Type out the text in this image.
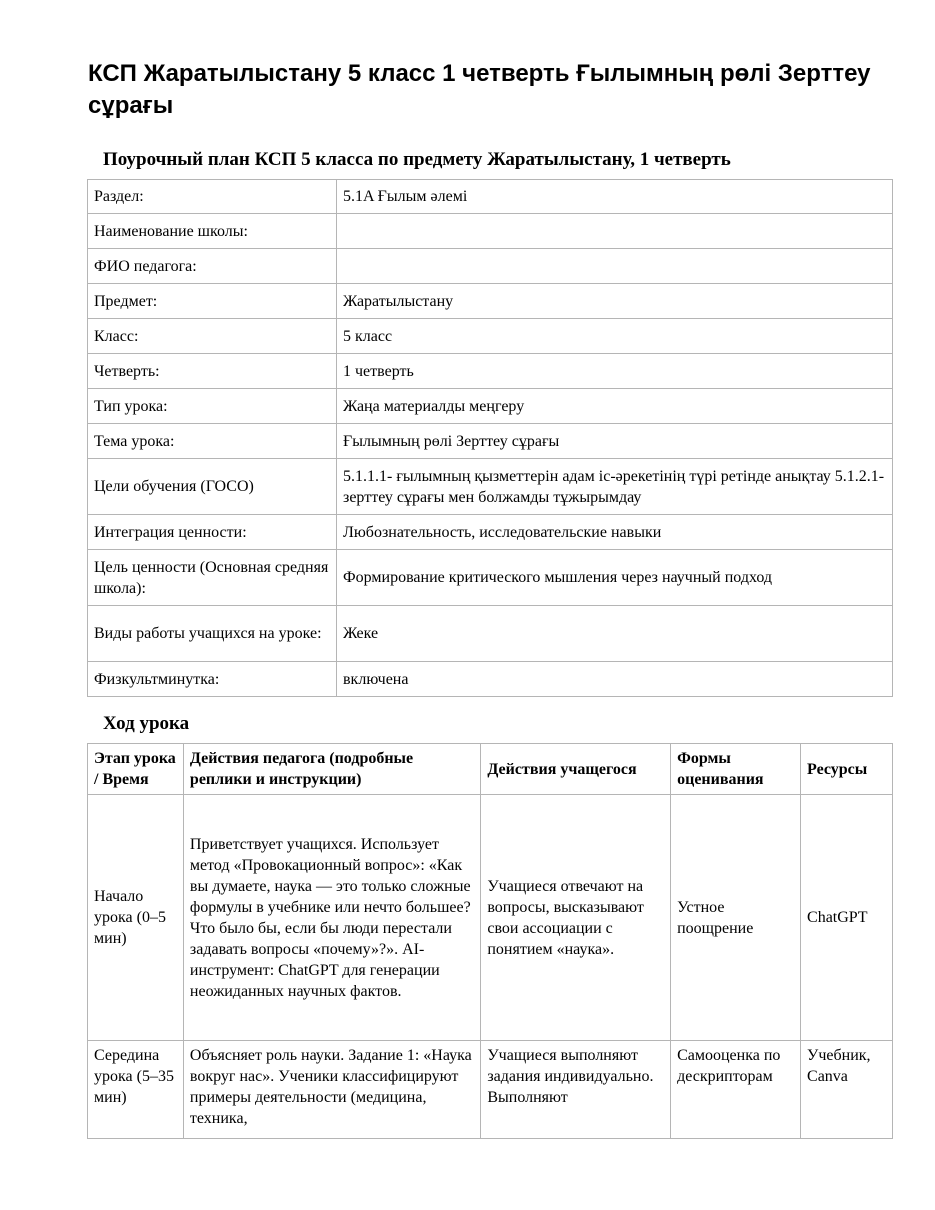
КСП Жаратылыстану 5 класс 1 четверть Ғылымның рөлі Зерттеу сұрағы
Поурочный план КСП 5 класса по предмету Жаратылыстану, 1 четверть
Раздел:	5.1A Ғылым әлемі
Наименование школы:	
ФИО педагога:	
Предмет:	Жаратылыстану
Класс:	5 класс
Четверть:	1 четверть
Тип урока:	Жаңа материалды меңгеру
Тема урока:	Ғылымның рөлі Зерттеу сұрағы
Цели обучения (ГОСО)	5.1.1.1- ғылымның қызметтерін адам іс-әрекетінің түрі ретінде анықтау 5.1.2.1- зерттеу сұрағы мен болжамды тұжырымдау
Интеграция ценности:	Любознательность, исследовательские навыки
Цель ценности (Основная средняя школа):	Формирование критического мышления через научный подход
Виды работы учащихся на уроке:	Жеке
Физкультминутка:	включена
Ход урока
Этап урока / Время	Действия педагога (подробные реплики и инструкции)	Действия учащегося	Формы оценивания	Ресурсы
Начало урока (0–5 мин)	Приветствует учащихся. Использует метод «Провокационный вопрос»: «Как вы думаете, наука — это только сложные формулы в учебнике или нечто большее? Что было бы, если бы люди перестали задавать вопросы «почему»?». AI-инструмент: ChatGPT для генерации неожиданных научных фактов.	Учащиеся отвечают на вопросы, высказывают свои ассоциации с понятием «наука».	Устное поощрение	ChatGPT
Середина урока (5–35 мин)	Объясняет роль науки. Задание 1: «Наука вокруг нас». Ученики классифицируют примеры деятельности (медицина, техника,	Учащиеся выполняют задания индивидуально. Выполняют	Самооценка по дескрипторам	Учебник, Canva
